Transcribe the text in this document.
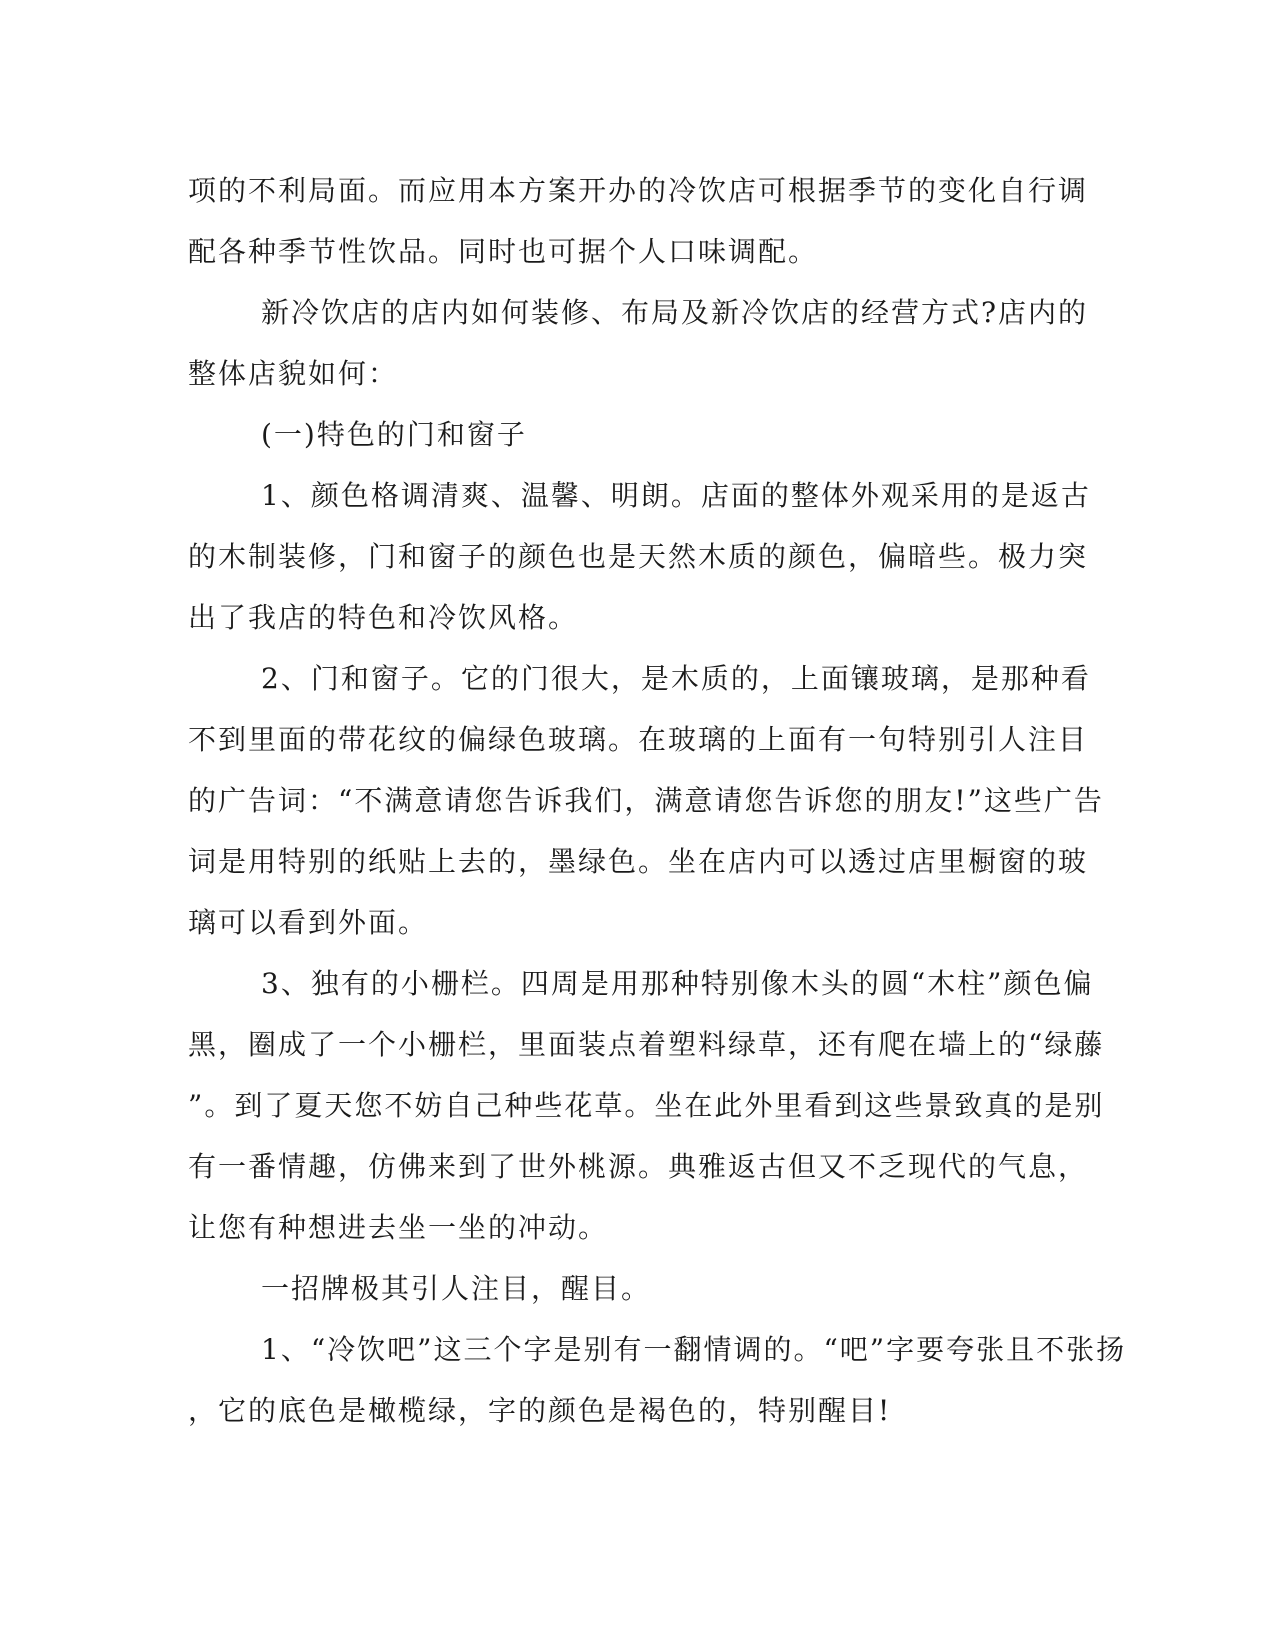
项的不利局面。而应用本方案开办的冷饮店可根据季节的变化自行调
配各种季节性饮品。同时也可据个人口味调配。
新冷饮店的店内如何装修、布局及新冷饮店的经营方式?店内的
整体店貌如何：
(一)特色的门和窗子
1、颜色格调清爽、温馨、明朗。店面的整体外观采用的是返古
的木制装修，门和窗子的颜色也是天然木质的颜色，偏暗些。极力突
出了我店的特色和冷饮风格。
2、门和窗子。它的门很大，是木质的，上面镶玻璃，是那种看
不到里面的带花纹的偏绿色玻璃。在玻璃的上面有一句特别引人注目
的广告词：“不满意请您告诉我们，满意请您告诉您的朋友!”这些广告
词是用特别的纸贴上去的，墨绿色。坐在店内可以透过店里橱窗的玻
璃可以看到外面。
3、独有的小栅栏。四周是用那种特别像木头的圆“木柱”颜色偏
黑，圈成了一个小栅栏，里面装点着塑料绿草，还有爬在墙上的“绿藤
”。到了夏天您不妨自己种些花草。坐在此外里看到这些景致真的是别
有一番情趣，仿佛来到了世外桃源。典雅返古但又不乏现代的气息，
让您有种想进去坐一坐的冲动。
一招牌极其引人注目，醒目。
1、“冷饮吧”这三个字是别有一翻情调的。“吧”字要夸张且不张扬
，它的底色是橄榄绿，字的颜色是褐色的，特别醒目!
